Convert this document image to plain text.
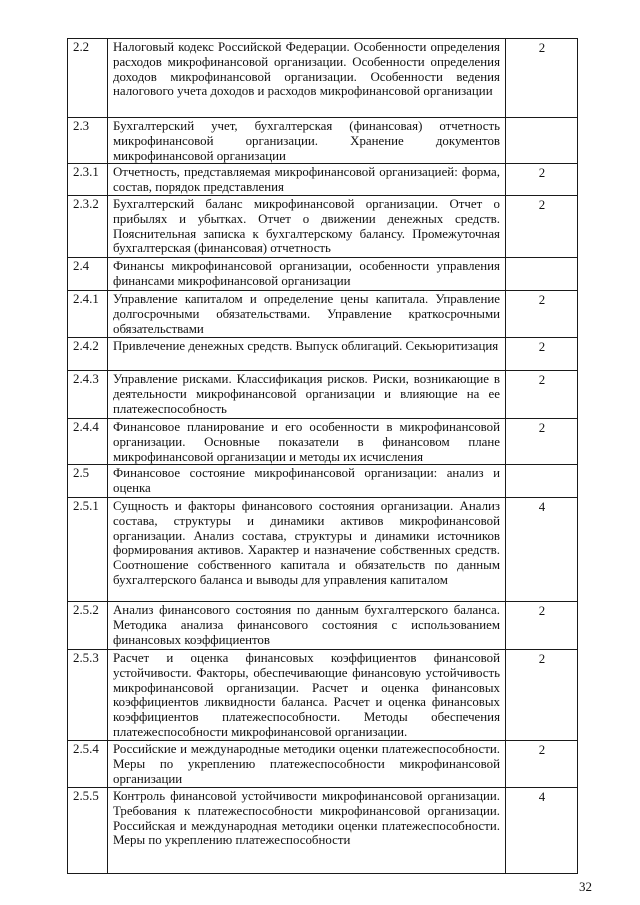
2.2	Налоговый кодекс Российской Федерации. Особенности определения расходов микрофинансовой организации. Особенности определения доходов микрофинансовой организации. Особенности ведения налогового учета доходов и расходов микрофинансовой организации	2

2.3	Бухгалтерский учет, бухгалтерская (финансовая) отчетность микрофинансовой организации. Хранение документов микрофинансовой организации	

2.3.1	Отчетность, представляемая микрофинансовой организацией: форма, состав, порядок представления	2

2.3.2	Бухгалтерский баланс микрофинансовой организации. Отчет о прибылях и убытках. Отчет о движении денежных средств. Пояснительная записка к бухгалтерскому балансу. Промежуточная бухгалтерская (финансовая) отчетность	2

2.4	Финансы микрофинансовой организации, особенности управления финансами микрофинансовой организации	

2.4.1	Управление капиталом и определение цены капитала. Управление долгосрочными обязательствами. Управление краткосрочными обязательствами	2

2.4.2	Привлечение денежных средств. Выпуск облигаций. Секьюритизация	2

2.4.3	Управление рисками. Классификация рисков. Риски, возникающие в деятельности микрофинансовой организации и влияющие на ее платежеспособность	2

2.4.4	Финансовое планирование и его особенности в микрофинансовой организации. Основные показатели в финансовом плане микрофинансовой организации и методы их исчисления	2

2.5	Финансовое состояние микрофинансовой организации: анализ и оценка	

2.5.1	Сущность и факторы финансового состояния организации. Анализ состава, структуры и динамики активов микрофинансовой организации. Анализ состава, структуры и динамики источников формирования активов. Характер и назначение собственных средств. Соотношение собственного капитала и обязательств по данным бухгалтерского баланса и выводы для управления капиталом	4

2.5.2	Анализ финансового состояния по данным бухгалтерского баланса. Методика анализа финансового состояния с использованием финансовых коэффициентов	2

2.5.3	Расчет и оценка финансовых коэффициентов финансовой устойчивости. Факторы, обеспечивающие финансовую устойчивость микрофинансовой организации. Расчет и оценка финансовых коэффициентов ликвидности баланса. Расчет и оценка финансовых коэффициентов платежеспособности. Методы обеспечения платежеспособности микрофинансовой организации.	2

2.5.4	Российские и международные методики оценки платежеспособности. Меры по укреплению платежеспособности микрофинансовой организации	2

2.5.5	Контроль финансовой устойчивости микрофинансовой организации. Требования к платежеспособности микрофинансовой организации. Российская и международная методики оценки платежеспособности. Меры по укреплению платежеспособности	4
32
